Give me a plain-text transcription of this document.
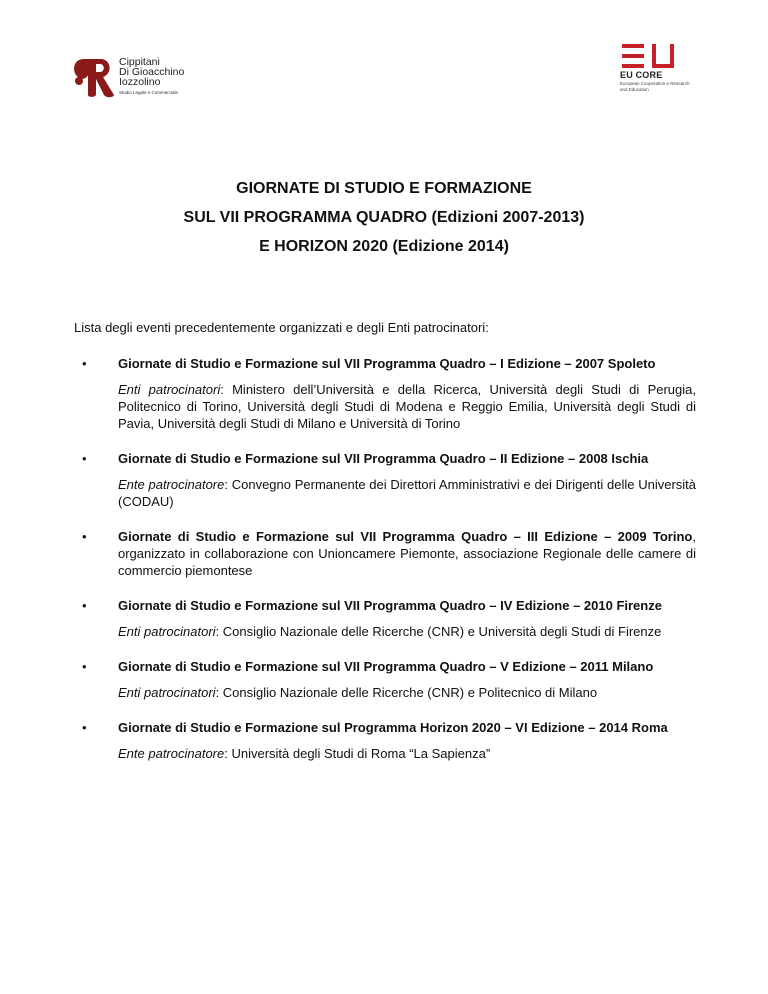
Cippitani
Di Gioacchino
Iozzolino
Studio Legale e Commerciale
EU CORE
European Cooperation e Research and Education
GIORNATE DI STUDIO E FORMAZIONE
SUL VII PROGRAMMA QUADRO (Edizioni 2007-2013)
E HORIZON 2020 (Edizione 2014)
Lista degli eventi precedentemente organizzati e degli Enti patrocinatori:
• Giornate di Studio e Formazione sul VII Programma Quadro – I Edizione – 2007 Spoleto
Enti patrocinatori: Ministero dell’Università e della Ricerca, Università degli Studi di Perugia, Politecnico di Torino, Università degli Studi di Modena e Reggio Emilia, Università degli Studi di Pavia, Università degli Studi di Milano e Università di Torino
• Giornate di Studio e Formazione sul VII Programma Quadro – II Edizione – 2008 Ischia
Ente patrocinatore: Convegno Permanente dei Direttori Amministrativi e dei Dirigenti delle Università (CODAU)
• Giornate di Studio e Formazione sul VII Programma Quadro – III Edizione – 2009 Torino, organizzato in collaborazione con Unioncamere Piemonte, associazione Regionale delle camere di commercio piemontese
• Giornate di Studio e Formazione sul VII Programma Quadro – IV Edizione – 2010 Firenze
Enti patrocinatori: Consiglio Nazionale delle Ricerche (CNR) e Università degli Studi di Firenze
• Giornate di Studio e Formazione sul VII Programma Quadro – V Edizione – 2011 Milano
Enti patrocinatori: Consiglio Nazionale delle Ricerche (CNR) e Politecnico di Milano
• Giornate di Studio e Formazione sul Programma Horizon 2020 – VI Edizione – 2014 Roma
Ente patrocinatore: Università degli Studi di Roma “La Sapienza”
